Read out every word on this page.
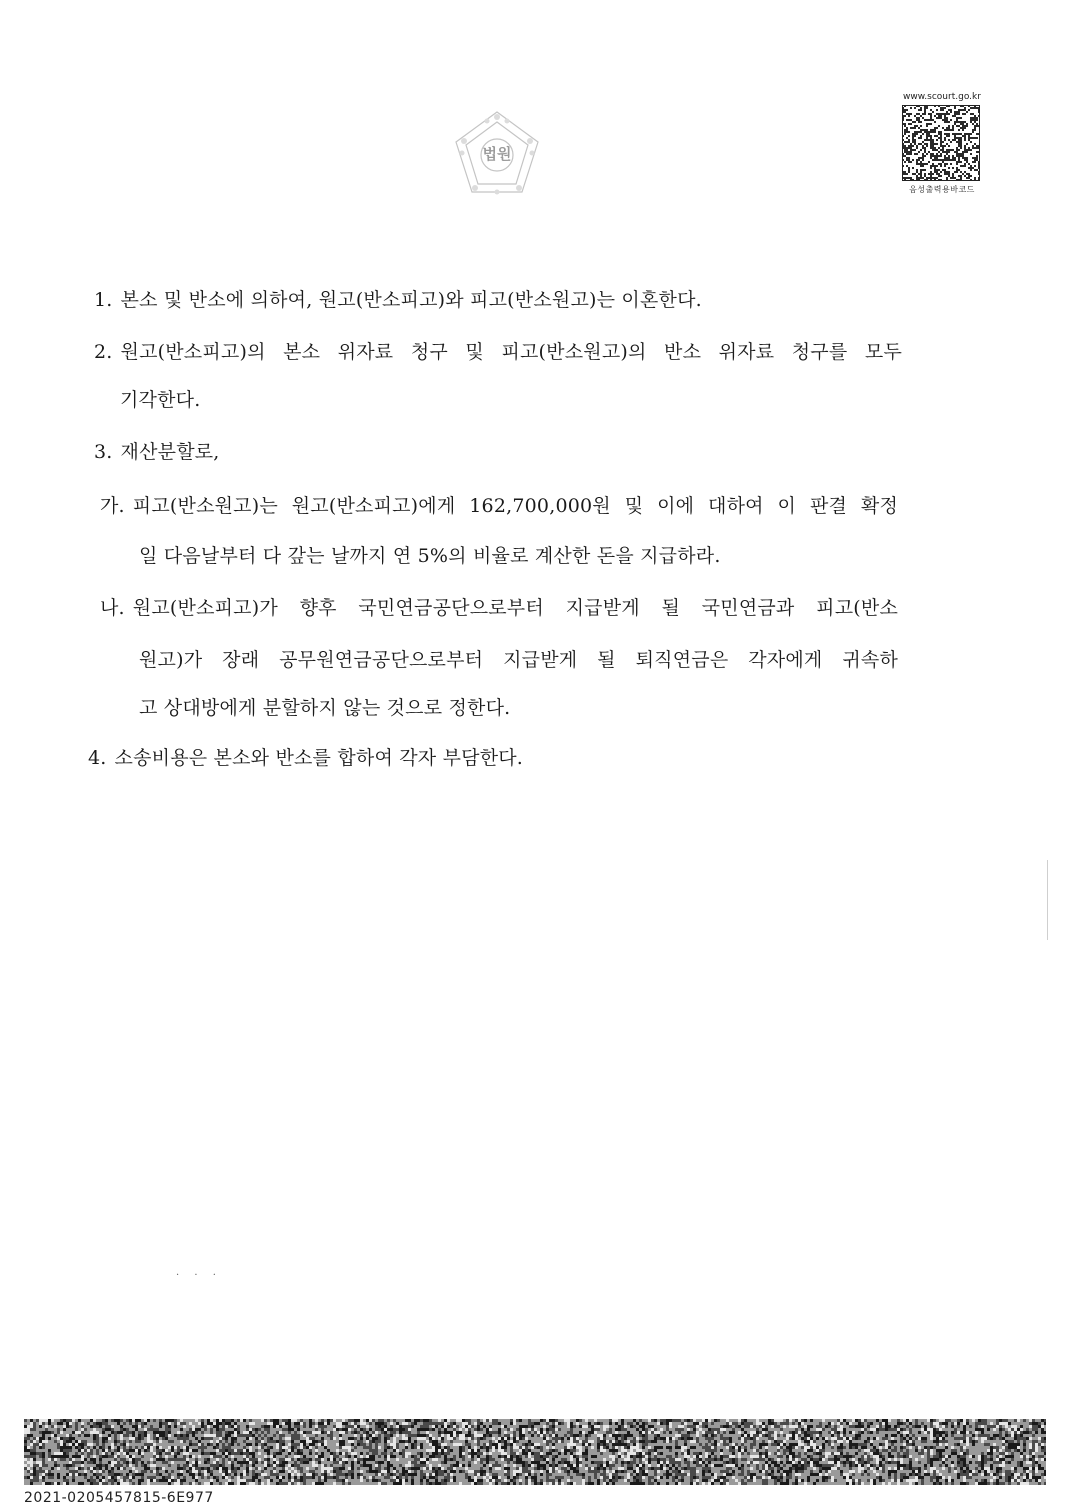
법원
www.scourt.go.kr
음성출력용바코드
1. 본소 및 반소에 의하여, 원고(반소피고)와 피고(반소원고)는 이혼한다.
2. 원고(반소피고)의 본소 위자료 청구 및 피고(반소원고)의 반소 위자료 청구를 모두
기각한다.
3. 재산분할로,
가. 피고(반소원고)는 원고(반소피고)에게 162,700,000원 및 이에 대하여 이 판결 확정
일 다음날부터 다 갚는 날까지 연 5%의 비율로 계산한 돈을 지급하라.
나. 원고(반소피고)가 향후 국민연금공단으로부터 지급받게 될 국민연금과 피고(반소
원고)가 장래 공무원연금공단으로부터 지급받게 될 퇴직연금은 각자에게 귀속하
고 상대방에게 분할하지 않는 것으로 정한다.
4. 소송비용은 본소와 반소를 합하여 각자 부담한다.
· · ·
2021-0205457815-6E977
